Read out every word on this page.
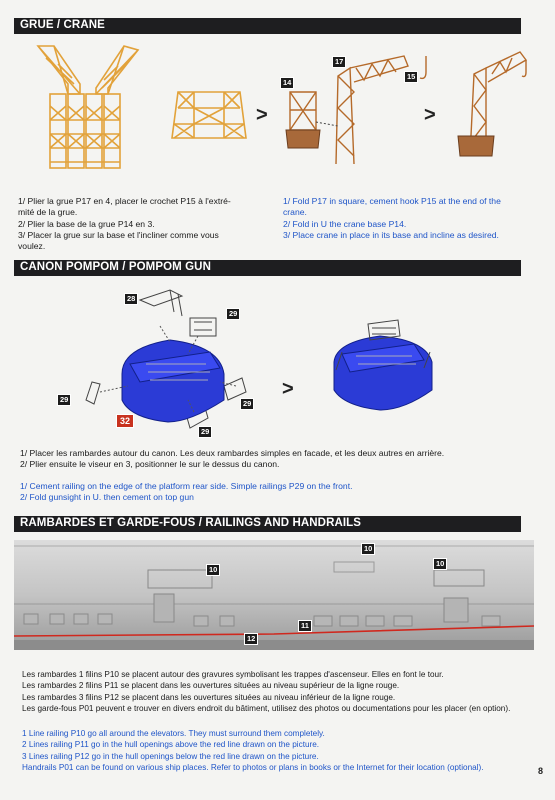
GRUE / CRANE
>
17
14
15
>

1/ Plier la grue P17 en 4, placer le crochet P15 à l'extré-

mité de la grue.

2/ Plier la base de la grue P14 en 3.

3/ Placer la grue sur la base et l'incliner comme vous

voulez.

1/ Fold P17 in square, cement hook P15 at the end of the

crane.

2/ Fold in U the crane base P14.

3/ Place crane in place in its base and incline as desired.

CANON POMPOM / POMPOM GUN
28
29
29	29
29
32
>

1/ Placer les rambardes autour du canon. Les deux rambardes simples en facade, et les deux autres en arrière.

2/ Plier ensuite le viseur en 3, positionner le sur le dessus du canon.

1/ Cement railing on the edge of the platform rear side. Simple railings P29 on the front.

2/ Fold gunsight in U. then cement on top gun

RAMBARDES ET GARDE-FOUS / RAILINGS AND HANDRAILS
10
10
10
11
12

Les rambardes 1 filins P10 se placent autour des gravures symbolisant les trappes d'ascenseur. Elles en font le tour.

Les rambardes 2 filins P11 se placent dans les ouvertures situées au niveau supérieur de la ligne rouge.

Les rambardes 3 filins P12 se placent dans les ouvertures situées au niveau inférieur de la ligne rouge.

Les garde-fous P01 peuvent e trouver en divers endroit du bâtiment, utilisez des photos ou documentations pour les placer (en option).

1 Line railing P10 go all around the elevators. They must surround them completely.

2 Lines railing P11 go in the hull openings above the red line drawn on the picture.

3 Lines railing P12 go in the hull openings below the red line drawn on the picture.

Handrails P01 can be found on various ship places. Refer to photos or plans in books or the Internet for their location (optional).	8
